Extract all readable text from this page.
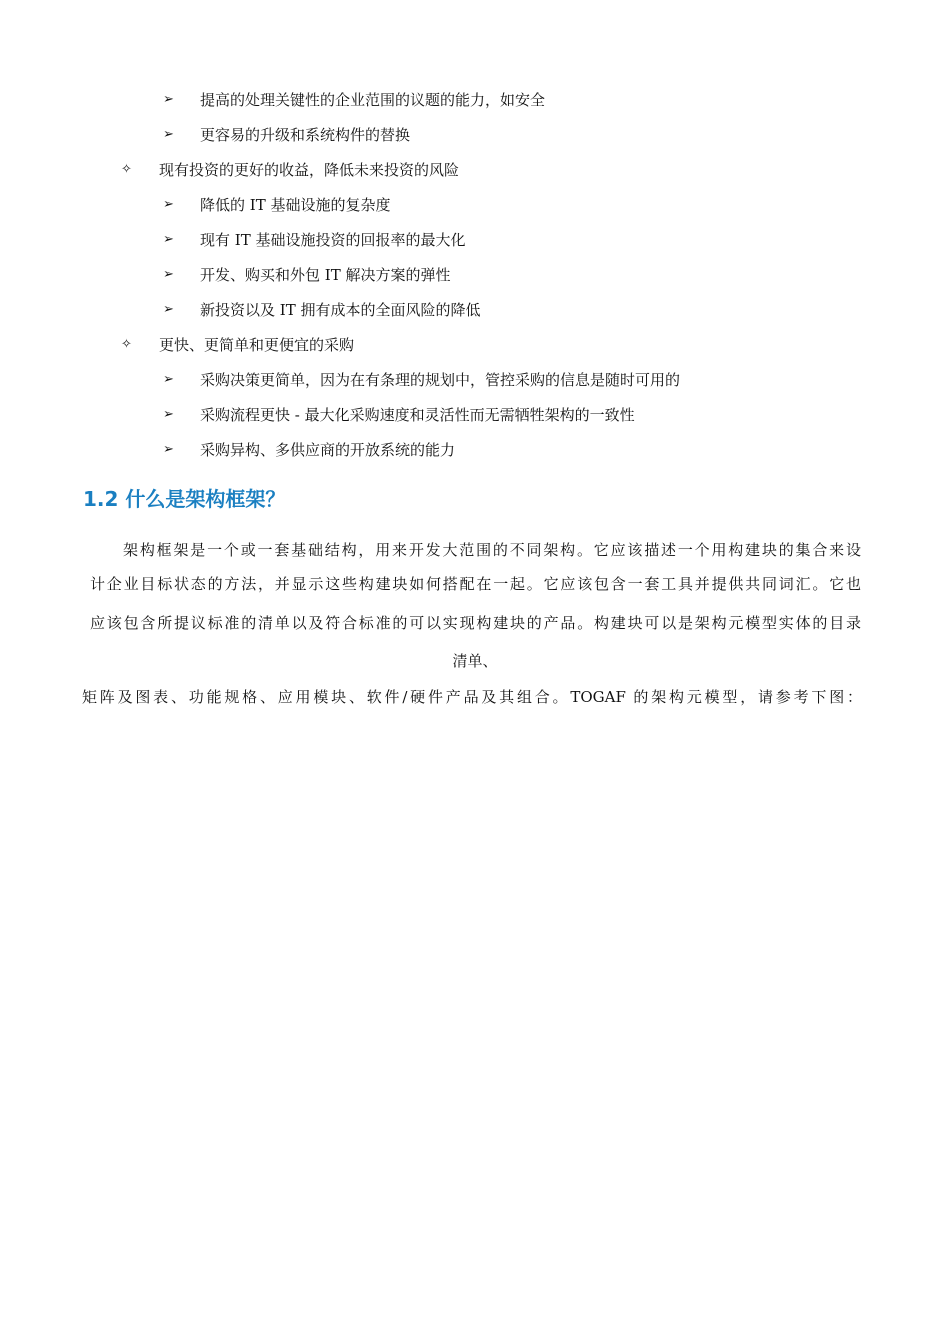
➢	提高的处理关键性的企业范围的议题的能力，如安全
➢	更容易的升级和系统构件的替换
✧	现有投资的更好的收益，降低未来投资的风险
➢	降低的 IT 基础设施的复杂度
➢	现有 IT 基础设施投资的回报率的最大化
➢	开发、购买和外包 IT 解决方案的弹性
➢	新投资以及 IT 拥有成本的全面风险的降低
✧	更快、更简单和更便宜的采购
➢	采购决策更简单，因为在有条理的规划中，管控采购的信息是随时可用的
➢	采购流程更快 - 最大化采购速度和灵活性而无需牺牲架构的一致性
➢	采购异构、多供应商的开放系统的能力
1.2 什么是架构框架？
架构框架是一个或一套基础结构，用来开发大范围的不同架构。它应该描述一个用构建块的集合来设
计企业目标状态的方法，并显示这些构建块如何搭配在一起。它应该包含一套工具并提供共同词汇。它也
应该包含所提议标准的清单以及符合标准的可以实现构建块的产品。构建块可以是架构元模型实体的目录
清单、
矩阵及图表、功能规格、应用模块、软件/硬件产品及其组合。TOGAF 的架构元模型，请参考下图：
